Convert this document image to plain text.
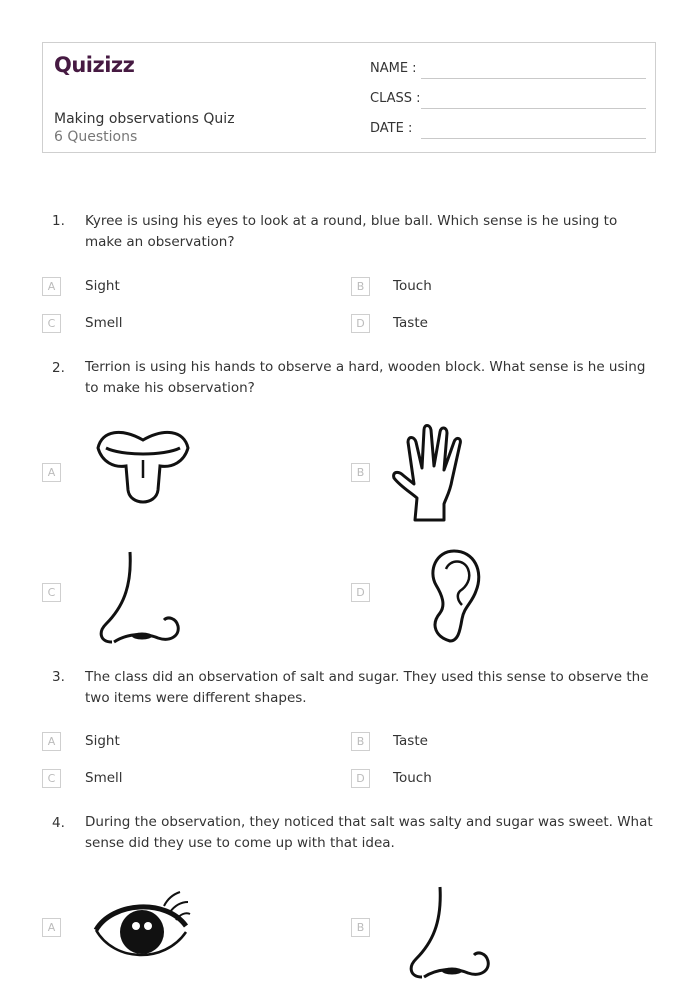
Quizizz
Making observations Quiz
6 Questions
NAME :
CLASS :
DATE :
1. Kyree is using his eyes to look at a round, blue ball. Which sense is he using to make an observation?
A	Sight	B	Touch
C	Smell	D	Taste
2. Terrion is using his hands to observe a hard, wooden block. What sense is he using to make his observation?
A	B
C	D
3. The class did an observation of salt and sugar. They used this sense to observe the two items were different shapes.
A	Sight	B	Taste
C	Smell	D	Touch
4. During the observation, they noticed that salt was salty and sugar was sweet. What sense did they use to come up with that idea.
A	B
